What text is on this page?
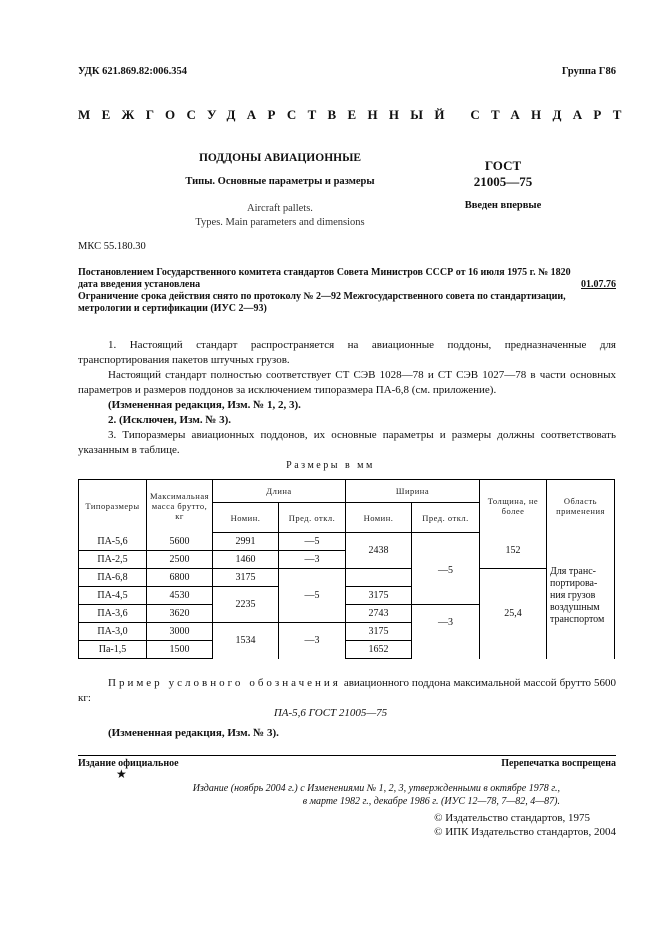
УДК 621.869.82:006.354	Группа Г86
МЕЖГОСУДАРСТВЕННЫЙ СТАНДАРТ
ПОДДОНЫ АВИАЦИОННЫЕ
Типы. Основные параметры и размеры
Aircraft pallets.
Types. Main parameters and dimensions
ГОСТ
21005—75
Введен впервые
МКС 55.180.30
Постановлением Государственного комитета стандартов Совета Министров СССР от 16 июля 1975 г. № 1820
дата введения установлена	01.07.76
Ограничение срока действия снято по протоколу № 2—92 Межгосударственного совета по стандартизации,
метрологии и сертификации (ИУС 2—93)

1. Настоящий стандарт распространяется на авиационные поддоны, предназначенные для транспортирования пакетов штучных грузов.

Настоящий стандарт полностью соответствует СТ СЭВ 1028—78 и СТ СЭВ 1027—78 в части основных параметров и размеров поддонов за исключением типоразмера ПА-6,8 (см. приложение).

(Измененная редакция, Изм. № 1, 2, 3).

2. (Исключен, Изм. № 3).

3. Типоразмеры авиационных поддонов, их основные параметры и размеры должны соответствовать указанным в таблице.

Размеры в мм
Типоразмеры	Максимальная масса брутто, кг	Длина		Ширина		Толщина, не более	Область применения
		Номин.	Пред. откл.	Номин.	Пред. откл.		
ПА-5,6	5600	2991	—5	2438	—5	152	Для транс-
портирова-
ния грузов
воздушным
транспортом

ПА-2,5	2500	1460	—3				
ПА-6,8	6800	3175	—5			25,4	
ПА-4,5	4530	2235		3175			
ПА-3,6	3620			2743	—3		
ПА-3,0	3000	1534	—3	3175			
Па-1,5	1500			1652			
Пример условного обозначения авиационного поддона максимальной массой брутто 5600 кг:
ПА-5,6 ГОСТ 21005—75
(Измененная редакция, Изм. № 3).
Издание официальное	Перепечатка воспрещена
★
Издание (ноябрь 2004 г.) с Изменениями № 1, 2, 3, утвержденными в октябре 1978 г.,
в марте 1982 г., декабре 1986 г. (ИУС 12—78, 7—82, 4—87).
© Издательство стандартов, 1975
© ИПК Издательство стандартов, 2004
